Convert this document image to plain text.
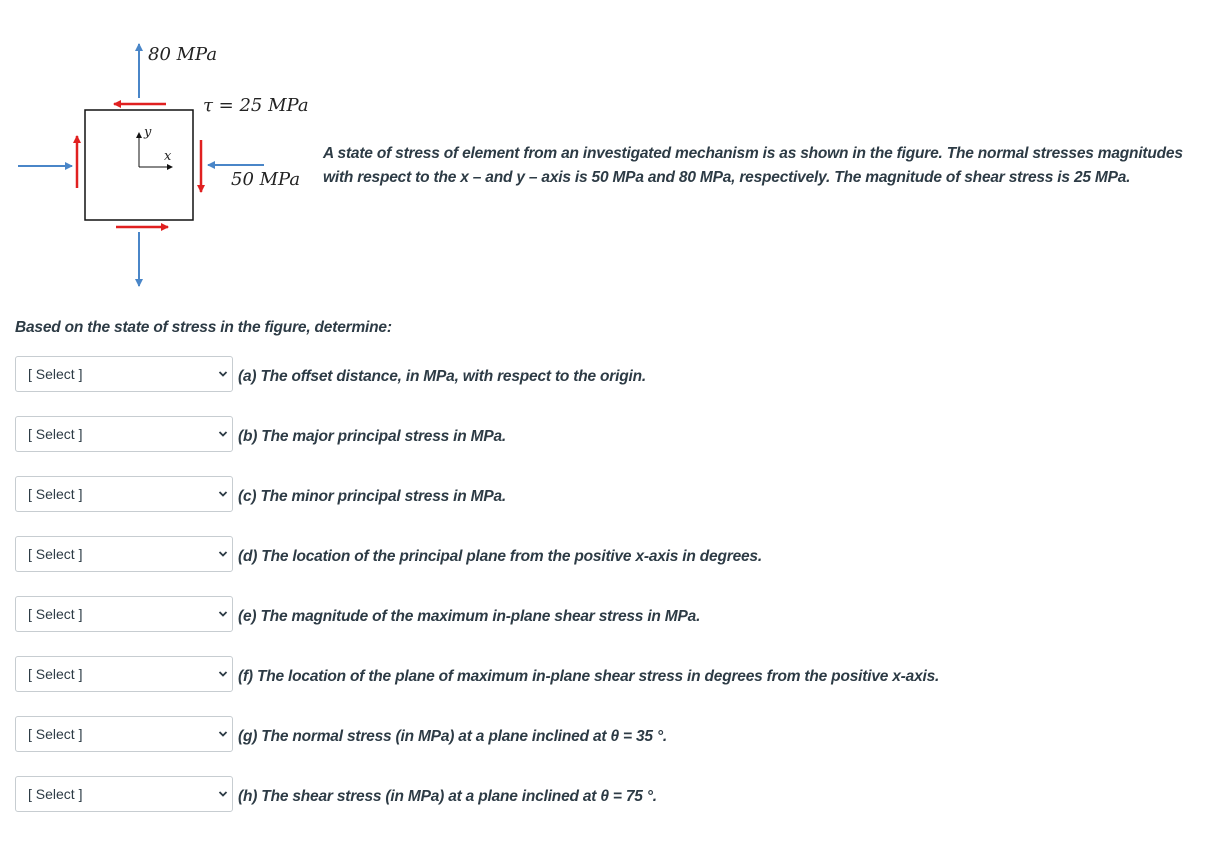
y
x
80 MPa
τ = 25 MPa
50 MPa
A state of stress of element from an investigated mechanism is as shown in the figure. The normal stresses magnitudes with respect to the x – and y – axis is 50 MPa and 80 MPa, respectively. The magnitude of shear stress is 25 MPa.
Based on the state of stress in the figure, determine:
[ Select ]	(a) The offset distance, in MPa, with respect to the origin.
[ Select ]	(b) The major principal stress in MPa.
[ Select ]	(c) The minor principal stress in MPa.
[ Select ]	(d) The location of the principal plane from the positive x-axis in degrees.
[ Select ]	(e) The magnitude of the maximum in-plane shear stress in MPa.
[ Select ]	(f) The location of the plane of maximum in-plane shear stress in degrees from the positive x-axis.
[ Select ]	(g) The normal stress (in MPa) at a plane inclined at θ = 35 °.
[ Select ]	(h) The shear stress (in MPa) at a plane inclined at θ = 75 °.
